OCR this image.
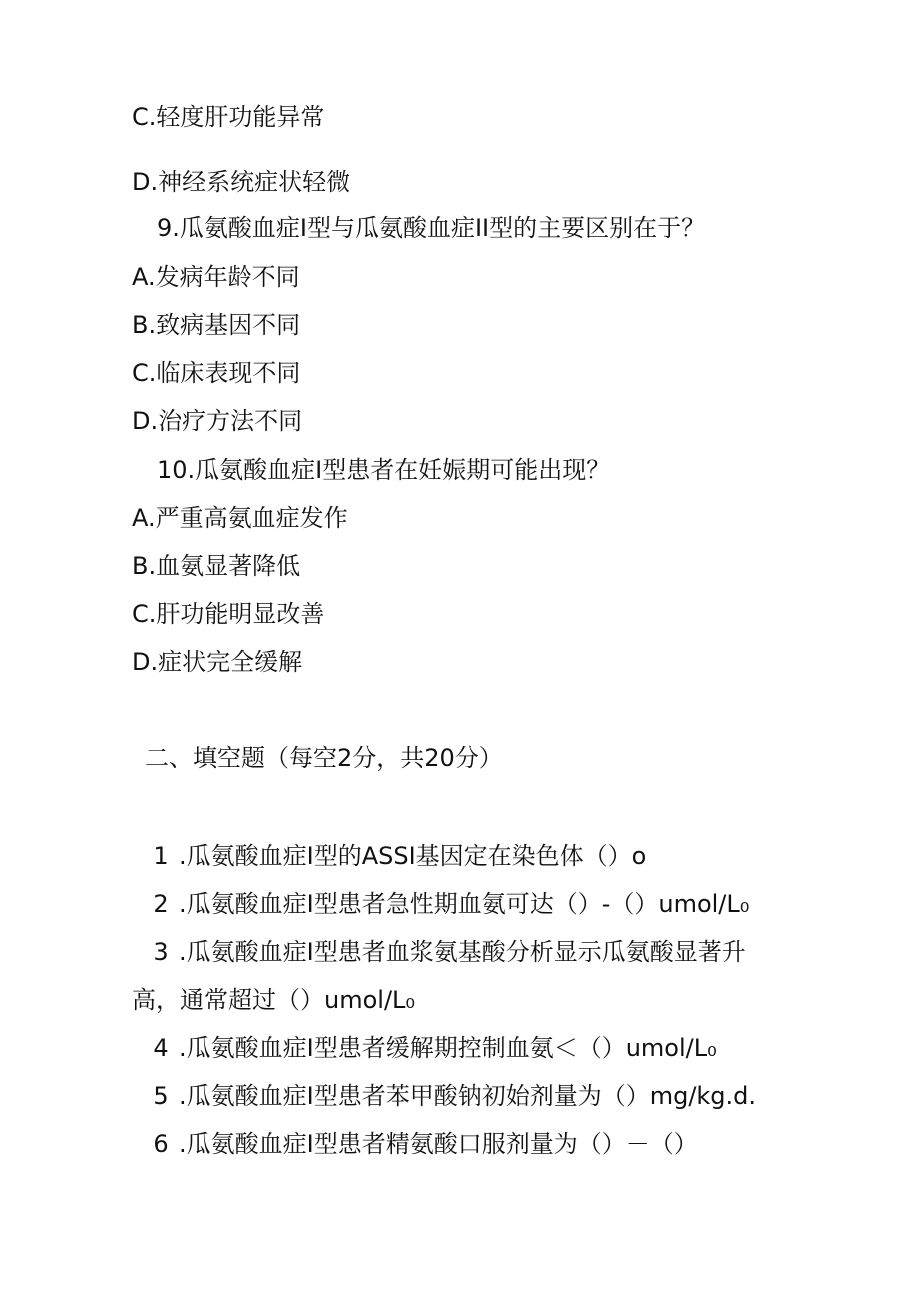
C.轻度肝功能异常
D.神经系统症状轻微
9.瓜氨酸血症I型与瓜氨酸血症II型的主要区别在于？
A.发病年龄不同
B.致病基因不同
C.临床表现不同
D.治疗方法不同
10.瓜氨酸血症I型患者在妊娠期可能出现？
A.严重高氨血症发作
B.血氨显著降低
C.肝功能明显改善
D.症状完全缓解
二、填空题（每空2分，共20分）
1 .瓜氨酸血症I型的ASSI基因定在染色体（）o
2 .瓜氨酸血症I型患者急性期血氨可达（）-（）umol∕L₀
3 .瓜氨酸血症I型患者血浆氨基酸分析显示瓜氨酸显著升
高，通常超过（）umol∕L₀
4 .瓜氨酸血症I型患者缓解期控制血氨＜（）umol∕L₀
5 .瓜氨酸血症I型患者苯甲酸钠初始剂量为（）mg∕kg.d.
6 .瓜氨酸血症I型患者精氨酸口服剂量为（）－（）
